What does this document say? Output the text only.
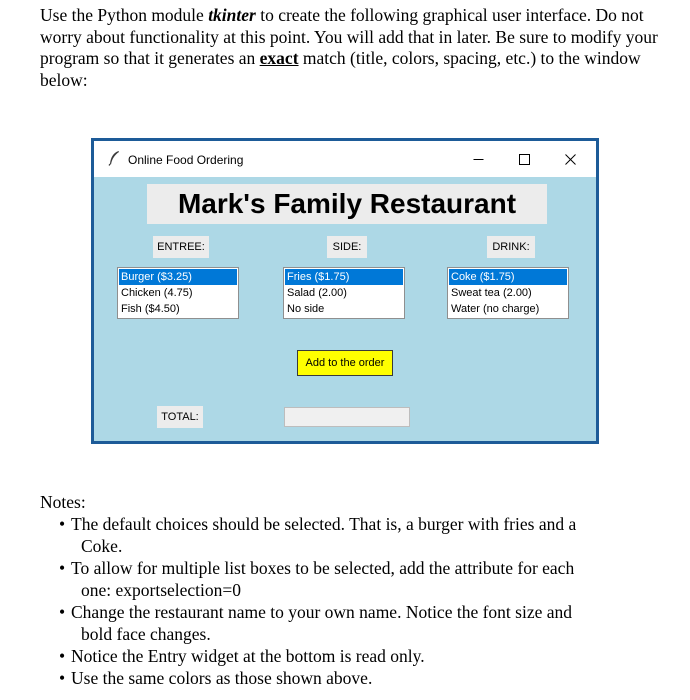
Use the Python module tkinter to create the following graphical user interface. Do not worry about functionality at this point. You will add that in later. Be sure to modify your program so that it generates an exact match (title, colors, spacing, etc.) to the window below:

Online Food Ordering
Mark's Family Restaurant
ENTREE:	SIDE:	DRINK:
Burger ($3.25)
Chicken (4.75)
Fish ($4.50)
Fries ($1.75)
Salad (2.00)
No side
Coke ($1.75)
Sweat tea (2.00)
Water (no charge)
Add to the order
TOTAL:
Notes:
• The default choices should be selected. That is, a burger with fries and a
Coke.
• To allow for multiple list boxes to be selected, add the attribute for each
one: exportselection=0
• Change the restaurant name to your own name. Notice the font size and
bold face changes.
• Notice the Entry widget at the bottom is read only.
• Use the same colors as those shown above.
